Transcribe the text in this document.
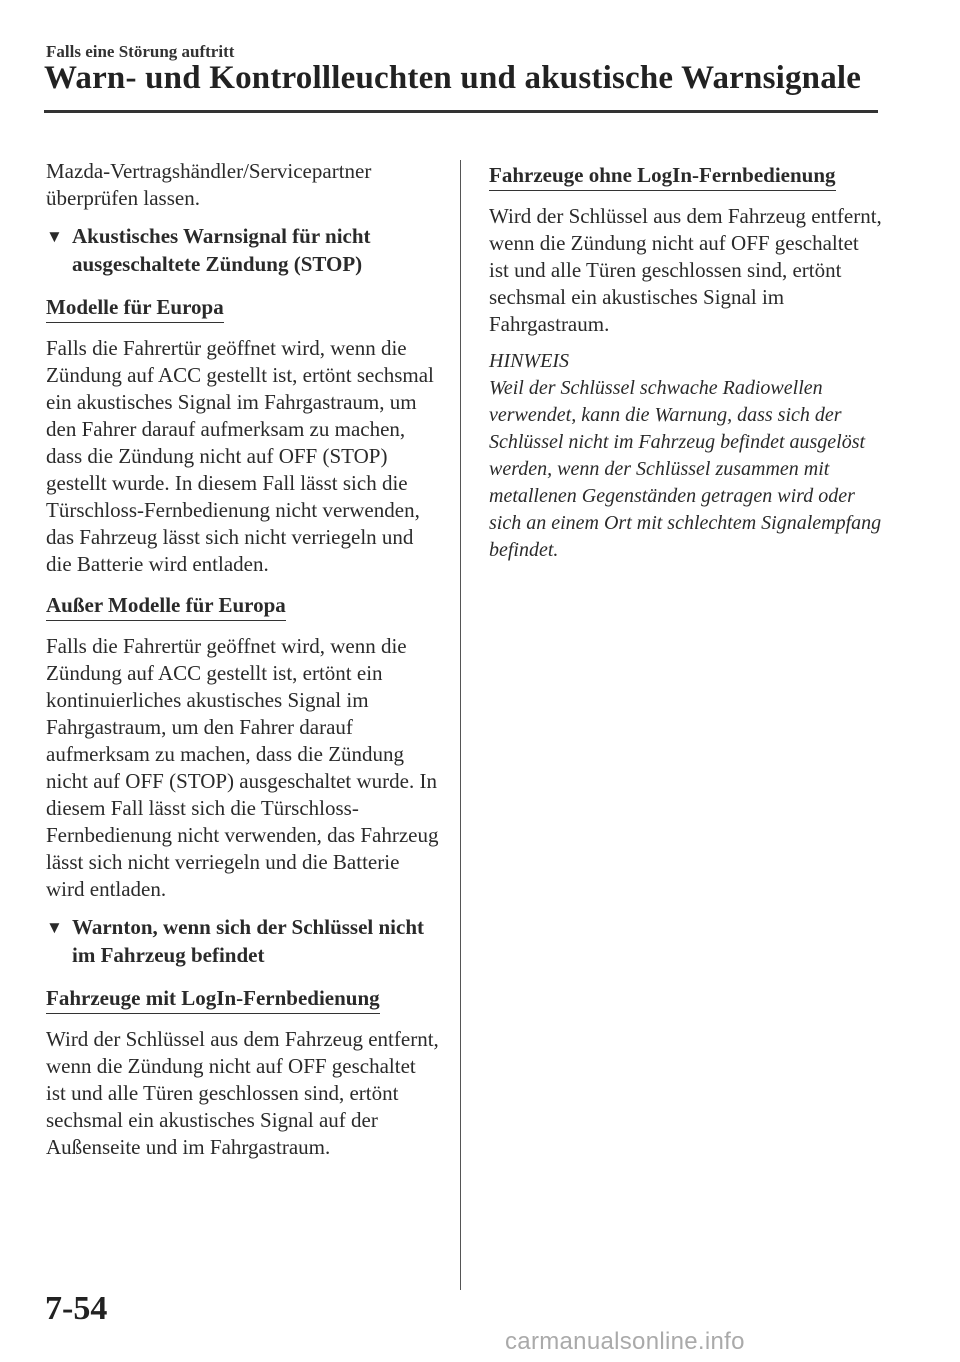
Falls eine Störung auftritt
Warn- und Kontrollleuchten und akustische Warnsignale

Mazda-Vertragshändler/Servicepartner überprüfen lassen.

▼ Akustisches Warnsignal für nicht ausgeschaltete Zündung (STOP)
Modelle für Europa

Falls die Fahrertür geöffnet wird, wenn die Zündung auf ACC gestellt ist, ertönt sechsmal ein akustisches Signal im Fahrgastraum, um den Fahrer darauf aufmerksam zu machen, dass die Zündung nicht auf OFF (STOP) gestellt wurde. In diesem Fall lässt sich die Türschloss-Fernbedienung nicht verwenden, das Fahrzeug lässt sich nicht verriegeln und die Batterie wird entladen.

Außer Modelle für Europa

Falls die Fahrertür geöffnet wird, wenn die Zündung auf ACC gestellt ist, ertönt ein kontinuierliches akustisches Signal im Fahrgastraum, um den Fahrer darauf aufmerksam zu machen, dass die Zündung nicht auf OFF (STOP) ausgeschaltet wurde. In diesem Fall lässt sich die Türschloss-Fernbedienung nicht verwenden, das Fahrzeug lässt sich nicht verriegeln und die Batterie wird entladen.

▼ Warnton, wenn sich der Schlüssel nicht im Fahrzeug befindet
Fahrzeuge mit LogIn-Fernbedienung

Wird der Schlüssel aus dem Fahrzeug entfernt, wenn die Zündung nicht auf OFF geschaltet ist und alle Türen geschlossen sind, ertönt sechsmal ein akustisches Signal auf der Außenseite und im Fahrgastraum.

Fahrzeuge ohne LogIn-Fernbedienung

Wird der Schlüssel aus dem Fahrzeug entfernt, wenn die Zündung nicht auf OFF geschaltet ist und alle Türen geschlossen sind, ertönt sechsmal ein akustisches Signal im Fahrgastraum.

HINWEIS

Weil der Schlüssel schwache Radiowellen verwendet, kann die Warnung, dass sich der Schlüssel nicht im Fahrzeug befindet ausgelöst werden, wenn der Schlüssel zusammen mit metallenen Gegenständen getragen wird oder sich an einem Ort mit schlechtem Signalempfang befindet.

7-54
carmanualsonline.info
